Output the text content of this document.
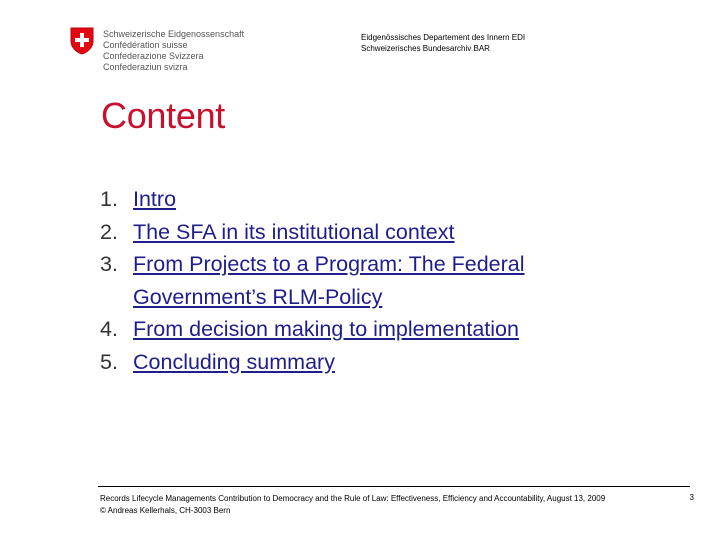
Schweizerische Eidgenossenschaft
Confédération suisse
Confederazione Svizzera
Confederaziun svizra
Eidgenössisches Departement des Innern EDI
Schweizerisches Bundesarchiv BAR
Content
1. Intro
2. The SFA in its institutional context
3. From Projects to a Program: The Federal
Government’s RLM-Policy
4. From decision making to implementation
5. Concluding summary
Records Lifecycle Managements Contribution to Democracy and the Rule of Law: Effectiveness, Efficiency and Accountability, August 13, 2009
© Andreas Kellerhals, CH-3003 Bern
3
